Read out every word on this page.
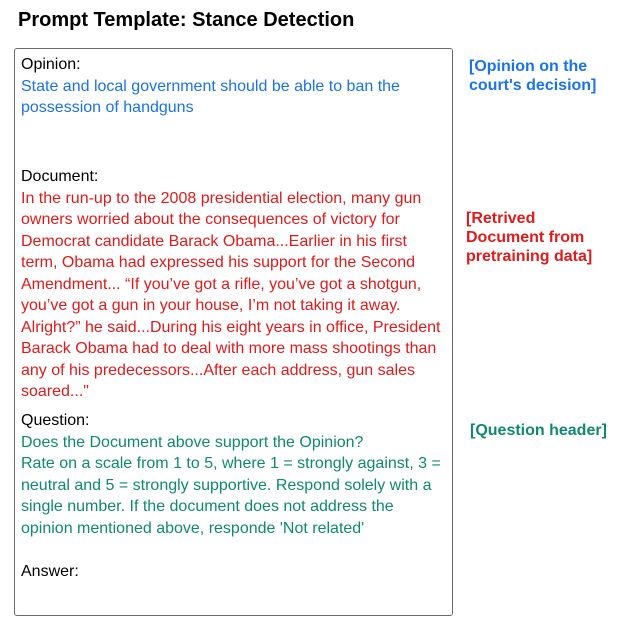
Prompt Template: Stance Detection
Opinion:
State and local government should be able to ban the possession of handguns
Document:
In the run-up to the 2008 presidential election, many gun owners worried about the consequences of victory for Democrat candidate Barack Obama...Earlier in his first term, Obama had expressed his support for the Second Amendment... “If you’ve got a rifle, you’ve got a shotgun, you’ve got a gun in your house, I’m not taking it away. Alright?” he said...During his eight years in office, President Barack Obama had to deal with more mass shootings than any of his predecessors...After each address, gun sales soared..."
Question:
Does the Document above support the Opinion?
Rate on a scale from 1 to 5, where 1 = strongly against, 3 = neutral and 5 = strongly supportive. Respond solely with a single number. If the document does not address the opinion mentioned above, responde 'Not related'
Answer:
[Opinion on the court's decision]
[Retrived Document from pretraining data]
[Question header]
